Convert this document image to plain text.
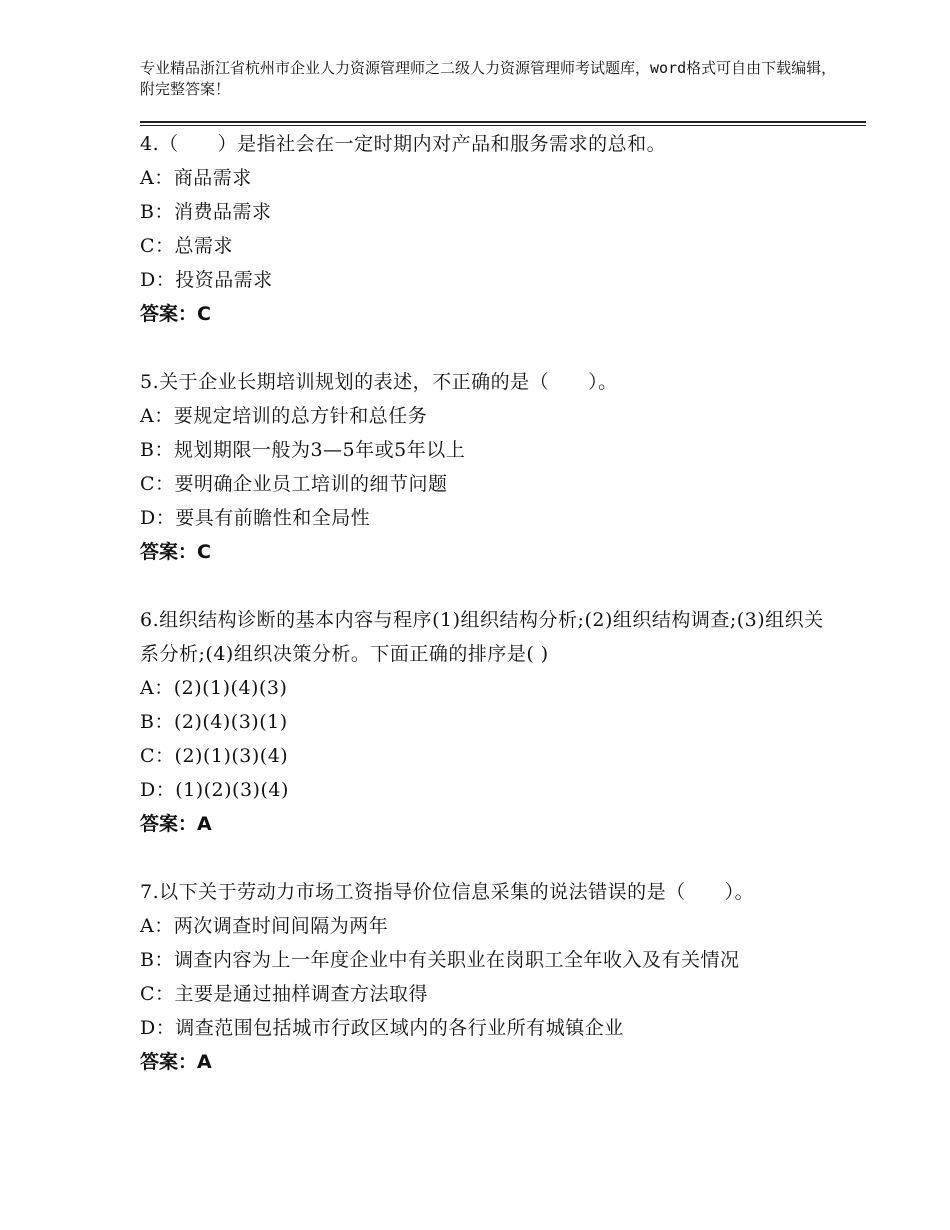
专业精品浙江省杭州市企业人力资源管理师之二级人力资源管理师考试题库，word格式可自由下载编辑，附完整答案！
4.（　　）是指社会在一定时期内对产品和服务需求的总和。
A：商品需求
B：消费品需求
C：总需求
D：投资品需求
答案：C
5.关于企业长期培训规划的表述，不正确的是（　　）。
A：要规定培训的总方针和总任务
B：规划期限一般为3—5年或5年以上
C：要明确企业员工培训的细节问题
D：要具有前瞻性和全局性
答案：C
6.组织结构诊断的基本内容与程序(1)组织结构分析;(2)组织结构调查;(3)组织关系分析;(4)组织决策分析。下面正确的排序是( )
A：(2)(1)(4)(3)
B：(2)(4)(3)(1)
C：(2)(1)(3)(4)
D：(1)(2)(3)(4)
答案：A
7.以下关于劳动力市场工资指导价位信息采集的说法错误的是（　　）。
A：两次调查时间间隔为两年
B：调查内容为上一年度企业中有关职业在岗职工全年收入及有关情况
C：主要是通过抽样调查方法取得
D：调查范围包括城市行政区域内的各行业所有城镇企业
答案：A
